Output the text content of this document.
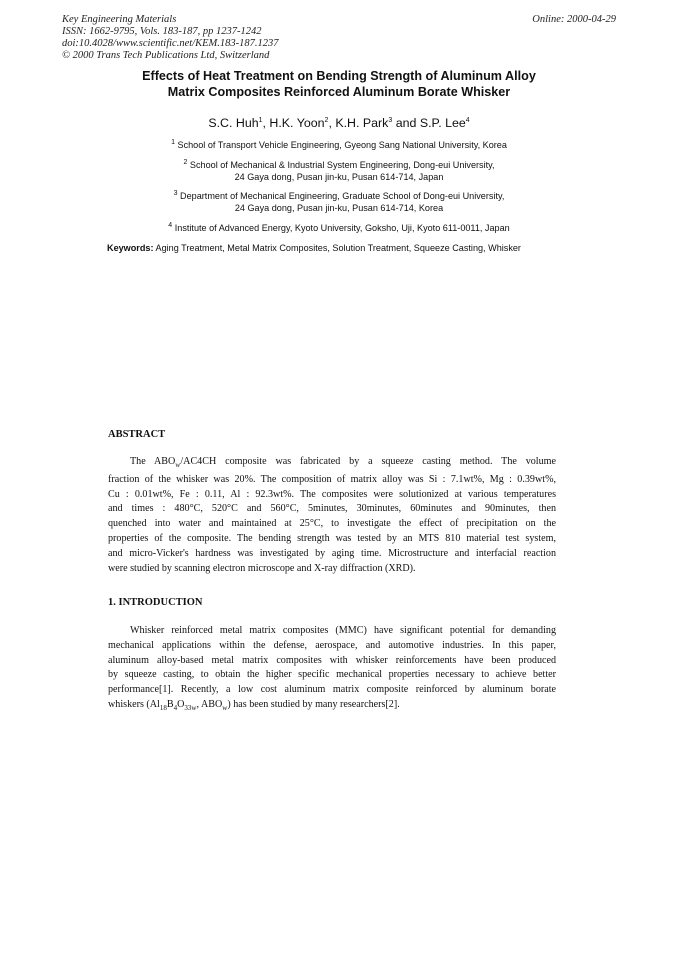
Key Engineering Materials
ISSN: 1662-9795, Vols. 183-187, pp 1237-1242
doi:10.4028/www.scientific.net/KEM.183-187.1237
© 2000 Trans Tech Publications Ltd, Switzerland
Online: 2000-04-29
Effects of Heat Treatment on Bending Strength of Aluminum Alloy
Matrix Composites Reinforced Aluminum Borate Whisker
S.C. Huh$^1$, H.K. Yoon$^2$, K.H. Park$^3$ and S.P. Lee$^4$
$^1$ School of Transport Vehicle Engineering, Gyeong Sang National University, Korea
$^2$ School of Mechanical & Industrial System Engineering, Dong-eui University,
24 Gaya dong, Pusan jin-ku, Pusan 614-714, Japan
$^3$ Department of Mechanical Engineering, Graduate School of Dong-eui University,
24 Gaya dong, Pusan jin-ku, Pusan 614-714, Korea
$^4$ Institute of Advanced Energy, Kyoto University, Goksho, Uji, Kyoto 611-0011, Japan
Keywords: Aging Treatment, Metal Matrix Composites, Solution Treatment, Squeeze Casting, Whisker
ABSTRACT
The $ABO_w/AC4CH$ composite was fabricated by a squeeze casting method. The volume
fraction of the whisker was 20%. The composition of matrix alloy was Si : 7.1wt%, Mg : 0.39wt%,
Cu : 0.01wt%, Fe : 0.11, Al : 92.3wt%. The composites were solutionized at various temperatures
and times : 480°C, 520°C and 560°C, 5minutes, 30minutes, 60minutes and 90minutes, then
quenched into water and maintained at 25°C, to investigate the effect of precipitation on the
properties of the composite. The bending strength was tested by an MTS 810 material test system,
and micro-Vicker's hardness was investigated by aging time. Microstructure and interfacial reaction
were studied by scanning electron microscope and X-ray diffraction (XRD).
1. INTRODUCTION
Whisker reinforced metal matrix composites (MMC) have significant potential for demanding
mechanical applications within the defense, aerospace, and automotive industries. In this paper,
aluminum alloy-based metal matrix composites with whisker reinforcements have been produced
by squeeze casting, to obtain the higher specific mechanical properties necessary to achieve better
performance[1]. Recently, a low cost aluminum matrix composite reinforced by aluminum borate
whiskers ($Al_{18}B_4O_{33w}$, $ABO_w$) has been studied by many researchers[2].
